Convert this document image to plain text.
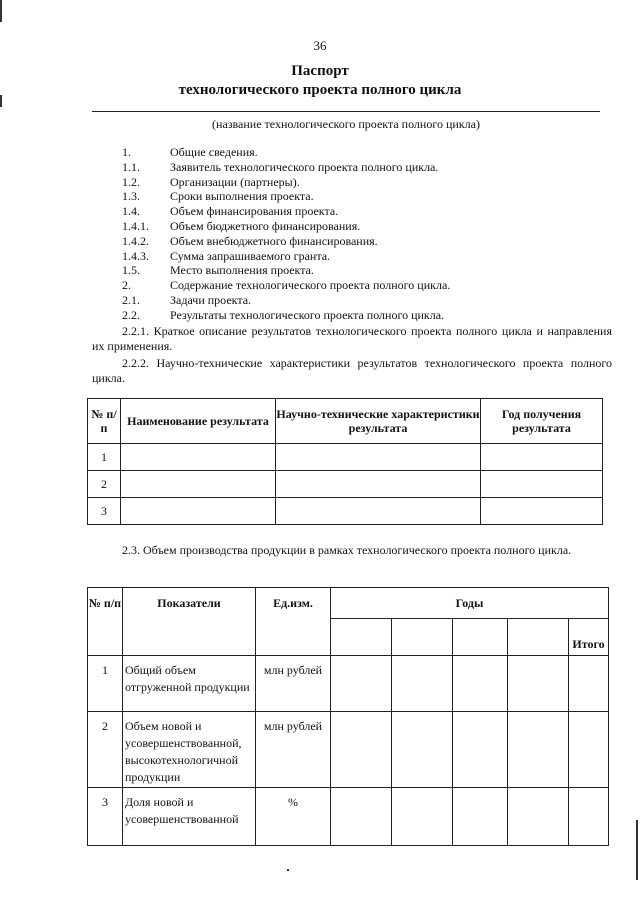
36
Паспорт
технологического проекта полного цикла
(название технологического проекта полного цикла)
1.	Общие сведения.
1.1.	Заявитель технологического проекта полного цикла.
1.2.	Организации (партнеры).
1.3.	Сроки выполнения проекта.
1.4.	Объем финансирования проекта.
1.4.1.	Объем бюджетного финансирования.
1.4.2.	Объем внебюджетного финансирования.
1.4.3.	Сумма запрашиваемого гранта.
1.5.	Место выполнения проекта.
2.	Содержание технологического проекта полного цикла.
2.1.	Задачи проекта.
2.2.	Результаты технологического проекта полного цикла.
2.2.1. Краткое описание результатов технологического проекта полного цикла и направления их применения.
2.2.2. Научно-технические характеристики результатов технологического проекта полного цикла.
№ п/п	Наименование результата	Научно-технические характеристики результата	Год получения результата
1			
2			
3			
2.3. Объем производства продукции в рамках технологического проекта полного цикла.
№ п/п	Показатели	Ед.изм.	Годы				

							Итого
1	Общий объем отгруженной продукции	млн рублей					
2	Объем новой и усовершенствованной, высокотехнологичной продукции	млн рублей					
3	Доля новой и усовершенствованной	%					
